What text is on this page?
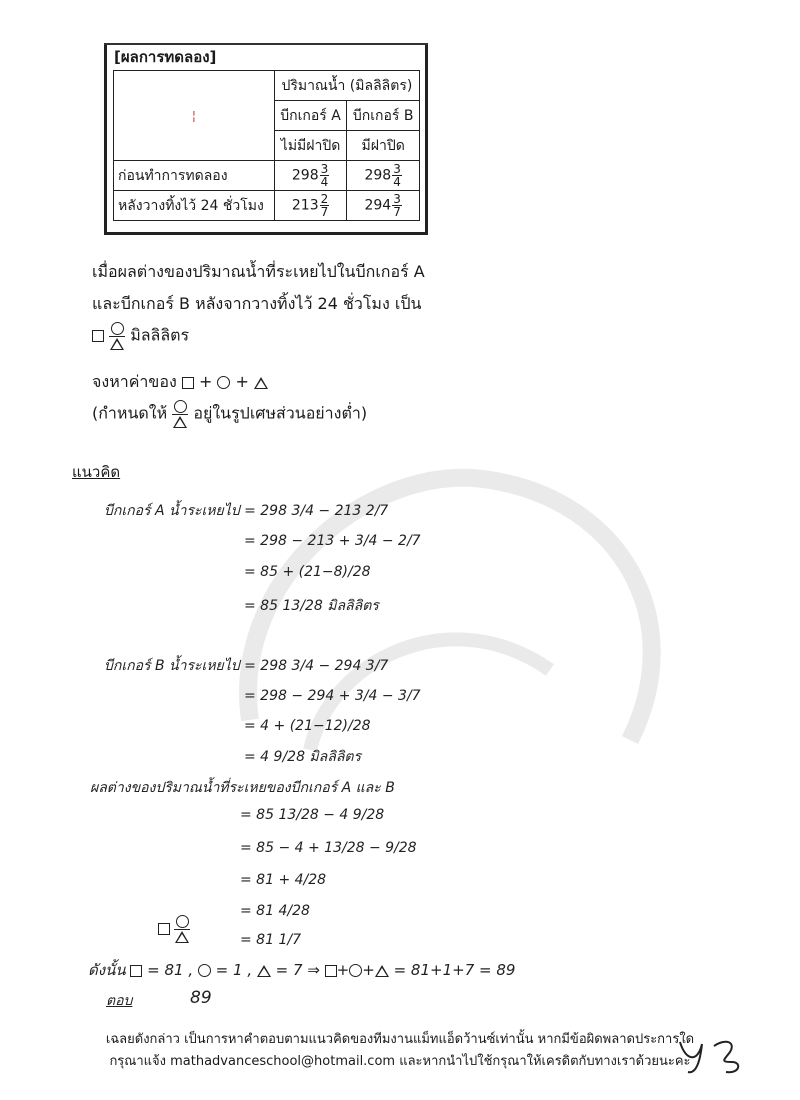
[ผลการทดลอง]
¦	ปริมาณน้ำ (มิลลิลิตร)	
	บีกเกอร์ A	บีกเกอร์ B
	ไม่มีฝาปิด	มีฝาปิด
ก่อนทำการทดลอง	$298 \frac{3}{4}$	$298 \frac{3}{4}$

หลังวางทิ้งไว้ 24 ชั่วโมง	$213 \frac{2}{7}$	$294 \frac{3}{7}$
เมื่อผลต่างของปริมาณน้ำที่ระเหยไปในบีกเกอร์ A
และบีกเกอร์ B หลังจากวางทิ้งไว้ 24 ชั่วโมง เป็น

มิลลิลิตร
จงหาค่าของ  +  +
(กำหนดให้ อยู่ในรูปเศษส่วนอย่างต่ำ)
แนวคิด
บีกเกอร์ A น้ำระเหยไป = 298 3/4 − 213 2/7
= 298 − 213 + 3/4 − 2/7
= 85 + (21−8)/28
= 85 13/28 มิลลิลิตร
บีกเกอร์ B น้ำระเหยไป = 298 3/4 − 294 3/7
= 298 − 294 + 3/4 − 3/7
= 4 + (21−12)/28
= 4 9/28 มิลลิลิตร
ผลต่างของปริมาณน้ำที่ระเหยของบีกเกอร์ A และ B
= 85 13/28 − 4 9/28
= 85 − 4 + 13/28 − 9/28
= 81 + 4/28
= 81 4/28

= 81 1/7
ดังนั้น = 81 , = 1 , = 7 ⇒ + + = 81+1+7 = 89
ตอบ	89
เฉลยดังกล่าว เป็นการหาคำตอบตามแนวคิดของทีมงานแม็ทแอ็ดว้านซ์เท่านั้น หากมีข้อผิดพลาดประการใด
กรุณาแจ้ง mathadvanceschool@hotmail.com และหากนำไปใช้กรุณาให้เครดิตกับทางเราด้วยนะคะ
